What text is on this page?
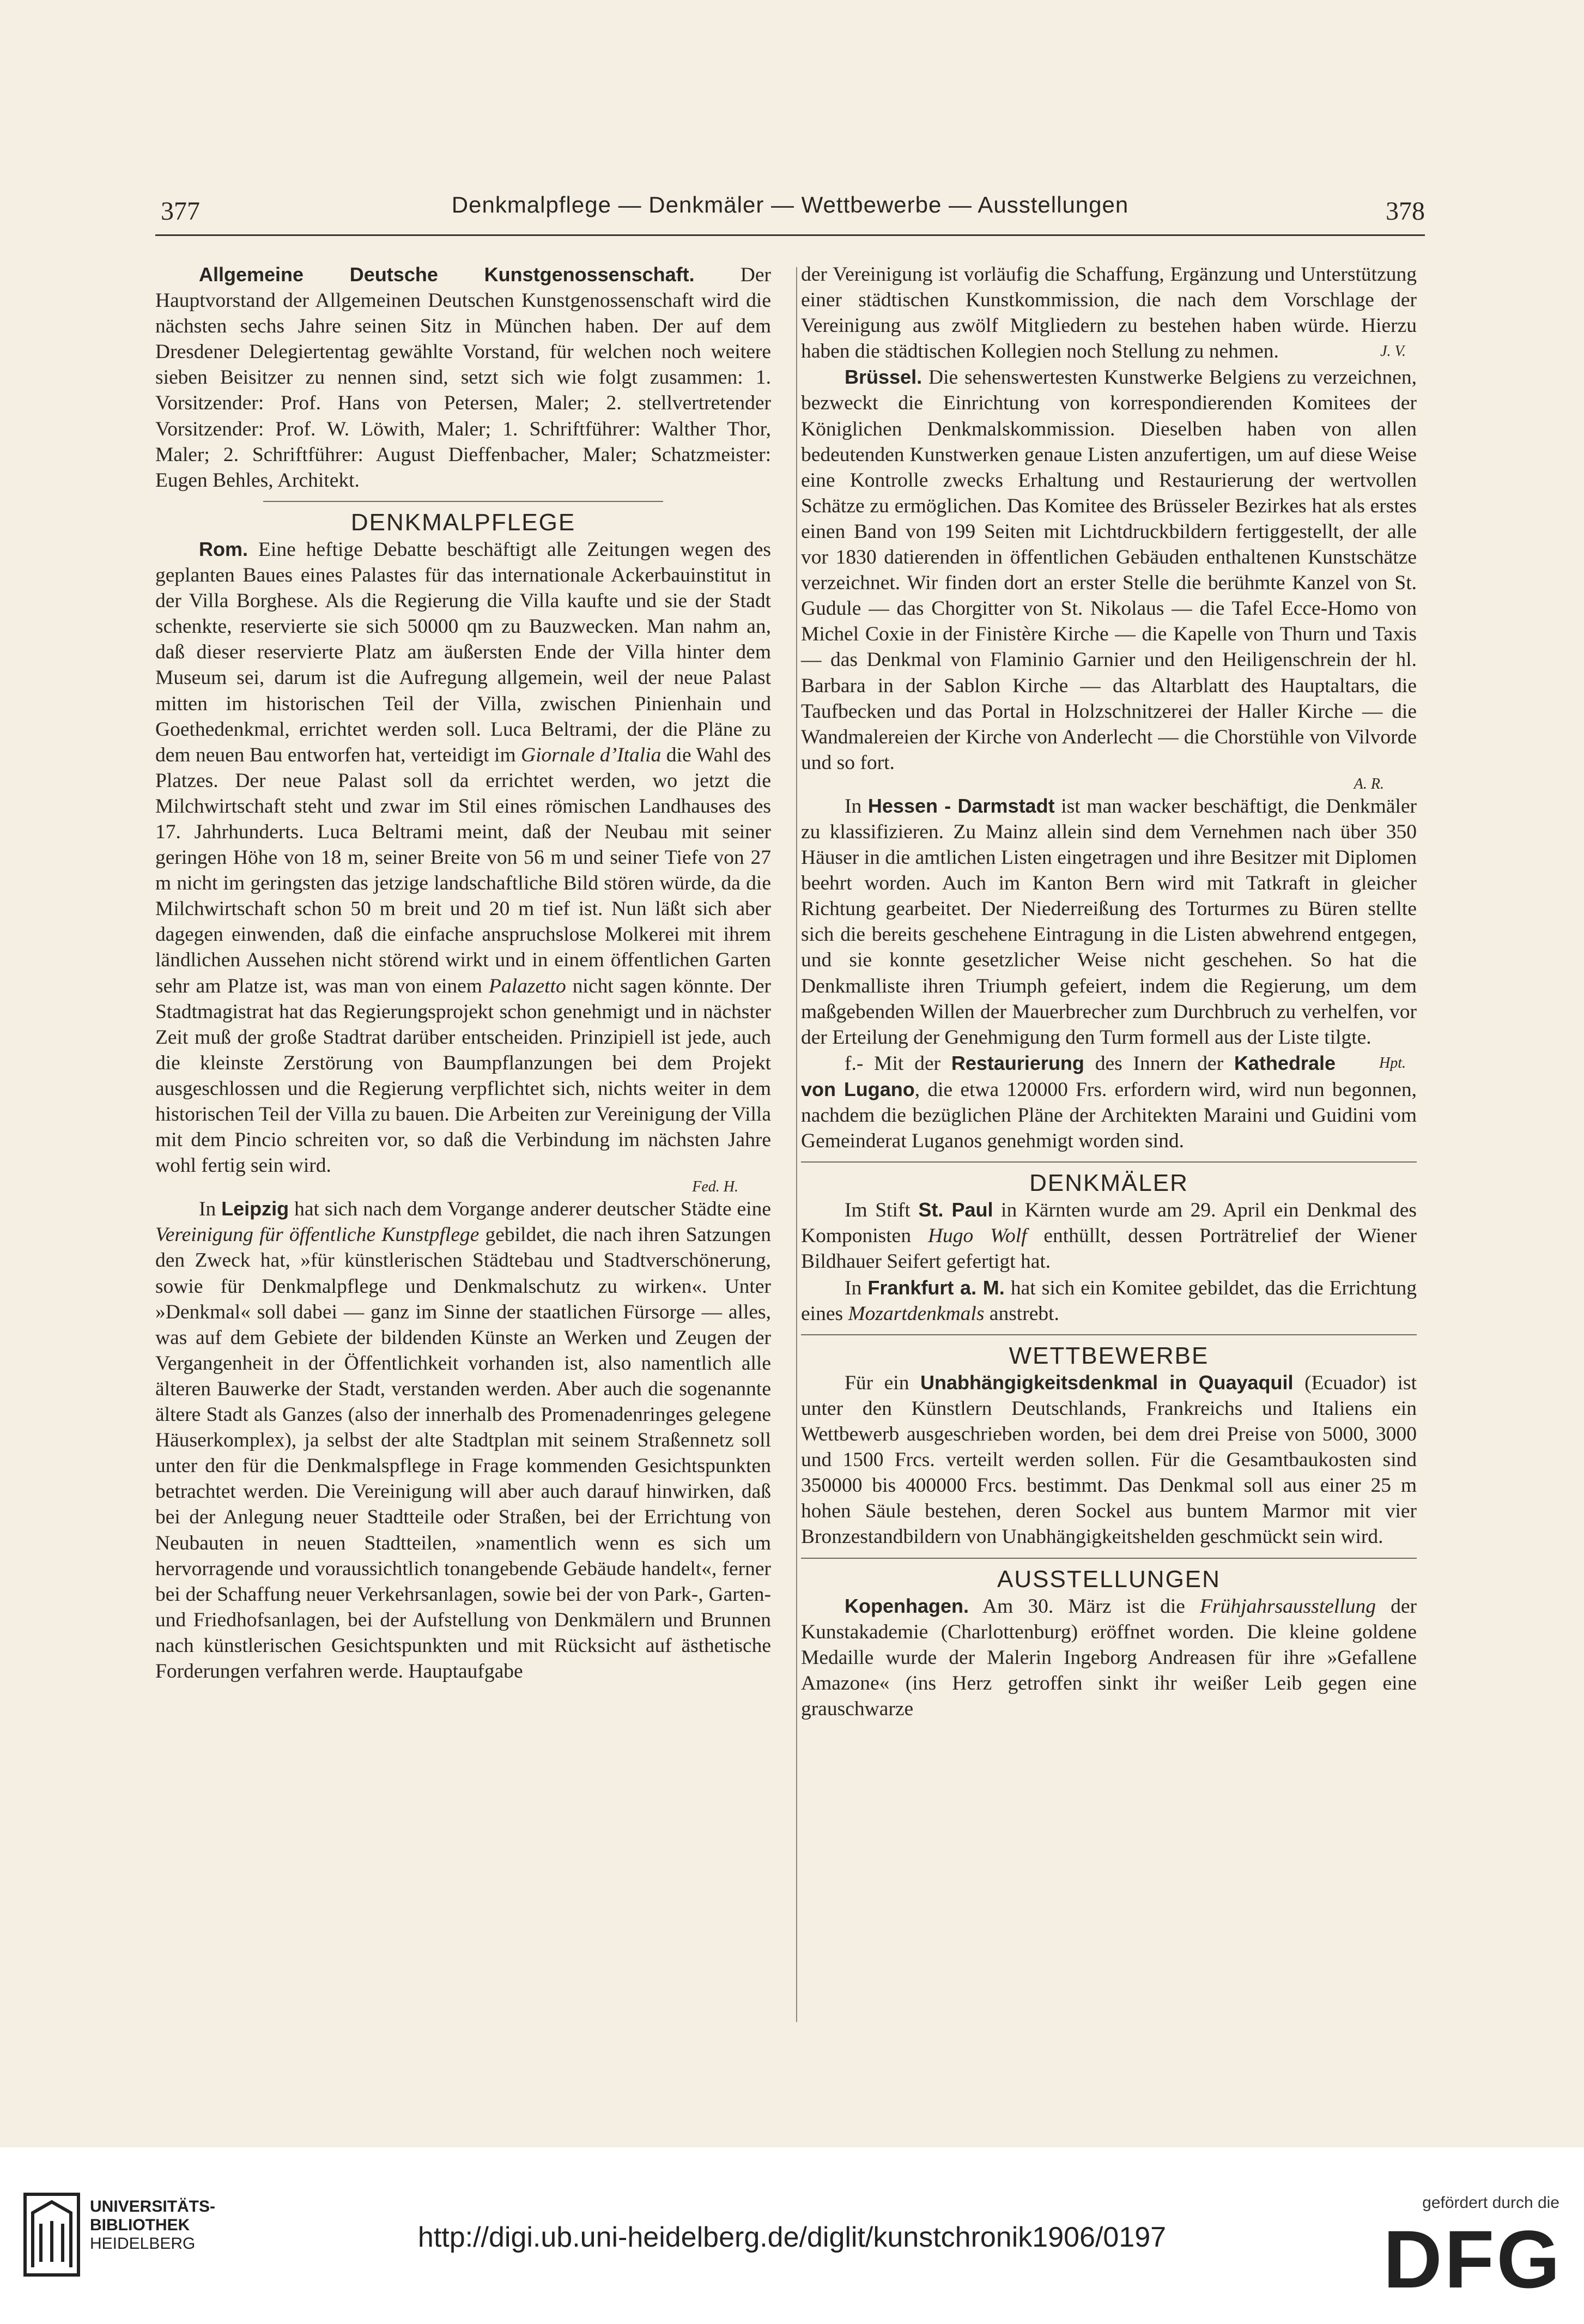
377	Denkmalpflege — Denkmäler — Wettbewerbe — Ausstellungen	378

Allgemeine Deutsche Kunstgenossenschaft. Der Hauptvorstand der Allgemeinen Deutschen Kunstgenossenschaft wird die nächsten sechs Jahre seinen Sitz in München haben. Der auf dem Dresdener Delegiertentag gewählte Vorstand, für welchen noch weitere sieben Beisitzer zu nennen sind, setzt sich wie folgt zusammen: 1. Vorsitzender: Prof. Hans von Petersen, Maler; 2. stellvertretender Vorsitzender: Prof. W. Löwith, Maler; 1. Schriftführer: Walther Thor, Maler; 2. Schriftführer: August Dieffenbacher, Maler; Schatzmeister: Eugen Behles, Architekt.

DENKMALPFLEGE

Rom. Eine heftige Debatte beschäftigt alle Zeitungen wegen des geplanten Baues eines Palastes für das internationale Ackerbauinstitut in der Villa Borghese. Als die Regierung die Villa kaufte und sie der Stadt schenkte, reservierte sie sich 50000 qm zu Bauzwecken. Man nahm an, daß dieser reservierte Platz am äußersten Ende der Villa hinter dem Museum sei, darum ist die Aufregung allgemein, weil der neue Palast mitten im historischen Teil der Villa, zwischen Pinienhain und Goethedenkmal, errichtet werden soll. Luca Beltrami, der die Pläne zu dem neuen Bau entworfen hat, verteidigt im Giornale d’Italia die Wahl des Platzes. Der neue Palast soll da errichtet werden, wo jetzt die Milchwirtschaft steht und zwar im Stil eines römischen Landhauses des 17. Jahrhunderts. Luca Beltrami meint, daß der Neubau mit seiner geringen Höhe von 18 m, seiner Breite von 56 m und seiner Tiefe von 27 m nicht im geringsten das jetzige landschaftliche Bild stören würde, da die Milchwirtschaft schon 50 m breit und 20 m tief ist. Nun läßt sich aber dagegen einwenden, daß die einfache anspruchslose Molkerei mit ihrem ländlichen Aussehen nicht störend wirkt und in einem öffentlichen Garten sehr am Platze ist, was man von einem Palazetto nicht sagen könnte. Der Stadtmagistrat hat das Regierungsprojekt schon genehmigt und in nächster Zeit muß der große Stadtrat darüber entscheiden. Prinzipiell ist jede, auch die kleinste Zerstörung von Baumpflanzungen bei dem Projekt ausgeschlossen und die Regierung verpflichtet sich, nichts weiter in dem historischen Teil der Villa zu bauen. Die Arbeiten zur Vereinigung der Villa mit dem Pincio schreiten vor, so daß die Verbindung im nächsten Jahre wohl fertig sein wird.

Fed. H.

In Leipzig hat sich nach dem Vorgange anderer deutscher Städte eine Vereinigung für öffentliche Kunstpflege gebildet, die nach ihren Satzungen den Zweck hat, »für künstlerischen Städtebau und Stadtverschönerung, sowie für Denkmalpflege und Denkmalschutz zu wirken«. Unter »Denkmal« soll dabei — ganz im Sinne der staatlichen Fürsorge — alles, was auf dem Gebiete der bildenden Künste an Werken und Zeugen der Vergangenheit in der Öffentlichkeit vorhanden ist, also namentlich alle älteren Bauwerke der Stadt, verstanden werden. Aber auch die sogenannte ältere Stadt als Ganzes (also der innerhalb des Promenadenringes gelegene Häuserkomplex), ja selbst der alte Stadtplan mit seinem Straßennetz soll unter den für die Denkmalspflege in Frage kommenden Gesichtspunkten betrachtet werden. Die Vereinigung will aber auch darauf hinwirken, daß bei der Anlegung neuer Stadtteile oder Straßen, bei der Errichtung von Neubauten in neuen Stadtteilen, »namentlich wenn es sich um hervorragende und voraussichtlich tonangebende Gebäude handelt«, ferner bei der Schaffung neuer Verkehrsanlagen, sowie bei der von Park-, Garten- und Friedhofsanlagen, bei der Aufstellung von Denkmälern und Brunnen nach künstlerischen Gesichtspunkten und mit Rücksicht auf ästhetische Forderungen verfahren werde. Hauptaufgabe

der Vereinigung ist vorläufig die Schaffung, Ergänzung und Unterstützung einer städtischen Kunstkommission, die nach dem Vorschlage der Vereinigung aus zwölf Mitgliedern zu bestehen haben würde. Hierzu haben die städtischen Kollegien noch Stellung zu nehmen.	J. V.

Brüssel. Die sehenswertesten Kunstwerke Belgiens zu verzeichnen, bezweckt die Einrichtung von korrespondierenden Komitees der Königlichen Denkmalskommission. Dieselben haben von allen bedeutenden Kunstwerken genaue Listen anzufertigen, um auf diese Weise eine Kontrolle zwecks Erhaltung und Restaurierung der wertvollen Schätze zu ermöglichen. Das Komitee des Brüsseler Bezirkes hat als erstes einen Band von 199 Seiten mit Lichtdruckbildern fertiggestellt, der alle vor 1830 datierenden in öffentlichen Gebäuden enthaltenen Kunstschätze verzeichnet. Wir finden dort an erster Stelle die berühmte Kanzel von St. Gudule — das Chorgitter von St. Nikolaus — die Tafel Ecce-Homo von Michel Coxie in der Finistère Kirche — die Kapelle von Thurn und Taxis — das Denkmal von Flaminio Garnier und den Heiligenschrein der hl. Barbara in der Sablon Kirche — das Altarblatt des Hauptaltars, die Taufbecken und das Portal in Holzschnitzerei der Haller Kirche — die Wandmalereien der Kirche von Anderlecht — die Chorstühle von Vilvorde und so fort.

A. R.

In Hessen - Darmstadt ist man wacker beschäftigt, die Denkmäler zu klassifizieren. Zu Mainz allein sind dem Vernehmen nach über 350 Häuser in die amtlichen Listen eingetragen und ihre Besitzer mit Diplomen beehrt worden. Auch im Kanton Bern wird mit Tatkraft in gleicher Richtung gearbeitet. Der Niederreißung des Torturmes zu Büren stellte sich die bereits geschehene Eintragung in die Listen abwehrend entgegen, und sie konnte gesetzlicher Weise nicht geschehen. So hat die Denkmalliste ihren Triumph gefeiert, indem die Regierung, um dem maßgebenden Willen der Mauerbrecher zum Durchbruch zu verhelfen, vor der Erteilung der Genehmigung den Turm formell aus der Liste tilgte.
Hpt.

f.- Mit der Restaurierung des Innern der Kathedrale von Lugano, die etwa 120000 Frs. erfordern wird, wird nun begonnen, nachdem die bezüglichen Pläne der Architekten Maraini und Guidini vom Gemeinderat Luganos genehmigt worden sind.

DENKMÄLER

Im Stift St. Paul in Kärnten wurde am 29. April ein Denkmal des Komponisten Hugo Wolf enthüllt, dessen Porträtrelief der Wiener Bildhauer Seifert gefertigt hat.

In Frankfurt a. M. hat sich ein Komitee gebildet, das die Errichtung eines Mozartdenkmals anstrebt.

WETTBEWERBE

Für ein Unabhängigkeitsdenkmal in Quayaquil (Ecuador) ist unter den Künstlern Deutschlands, Frankreichs und Italiens ein Wettbewerb ausgeschrieben worden, bei dem drei Preise von 5000, 3000 und 1500 Frcs. verteilt werden sollen. Für die Gesamtbaukosten sind 350000 bis 400000 Frcs. bestimmt. Das Denkmal soll aus einer 25 m hohen Säule bestehen, deren Sockel aus buntem Marmor mit vier Bronzestandbildern von Unabhängigkeitshelden geschmückt sein wird.

AUSSTELLUNGEN

Kopenhagen. Am 30. März ist die Frühjahrsausstellung der Kunstakademie (Charlottenburg) eröffnet worden. Die kleine goldene Medaille wurde der Malerin Ingeborg Andreasen für ihre »Gefallene Amazone« (ins Herz getroffen sinkt ihr weißer Leib gegen eine grauschwarze

UNIVERSITÄTS-
BIBLIOTHEK
HEIDELBERG	http://digi.ub.uni-heidelberg.de/diglit/kunstchronik1906/0197
gefördert durch die
DFG
